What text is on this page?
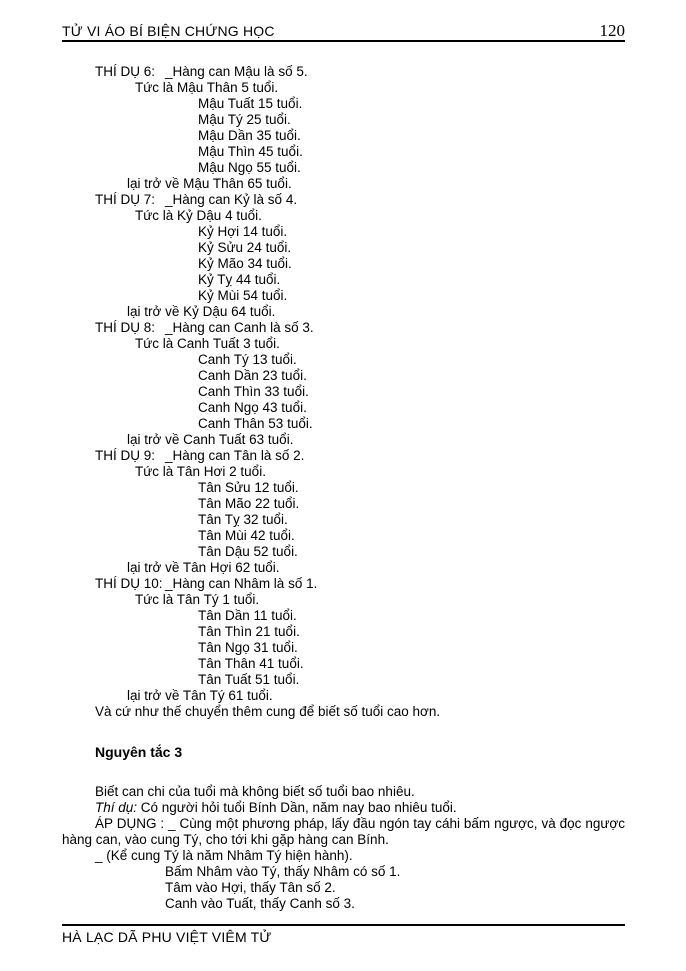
TỬ VI ÁO BÍ BIỆN CHỨNG HỌC	120
THÍ DỤ 6: _Hàng can Mậu là số 5.
Tức là Mậu Thân 5 tuổi.
Mậu Tuất 15 tuổi.
Mậu Tý 25 tuổi.
Mậu Dần 35 tuổi.
Mậu Thìn 45 tuổi.
Mậu Ngọ 55 tuổi.
lại trở về Mậu Thân 65 tuổi.
THÍ DỤ 7: _Hàng can Kỷ là số 4.
Tức là Kỷ Dậu 4 tuổi.
Kỷ Hợi 14 tuổi.
Kỷ Sửu 24 tuổi.
Kỷ Mão 34 tuổi.
Kỷ Tỵ 44 tuổi.
Kỷ Mùi 54 tuổi.
lại trở về Kỷ Dậu 64 tuổi.
THÍ DỤ 8: _Hàng can Canh là số 3.
Tức là Canh Tuất 3 tuổi.
Canh Tý 13 tuổi.
Canh Dần 23 tuổi.
Canh Thìn 33 tuổi.
Canh Ngọ 43 tuổi.
Canh Thân 53 tuổi.
lại trở về Canh Tuất 63 tuổi.
THÍ DỤ 9: _Hàng can Tân là số 2.
Tức là Tân Hơi 2 tuổi.
Tân Sửu 12 tuổi.
Tân Mão 22 tuổi.
Tân Tỵ 32 tuổi.
Tân Mùi 42 tuổi.
Tân Dậu 52 tuổi.
lại trở về Tân Hợi 62 tuổi.
THÍ DỤ 10: _Hàng can Nhâm là số 1.
Tức là Tân Tý 1 tuổi.
Tân Dần 11 tuổi.
Tân Thìn 21 tuổi.
Tân Ngọ 31 tuổi.
Tân Thân 41 tuổi.
Tân Tuất 51 tuổi.
lại trở về Tân Tý 61 tuổi.
Và cứ như thế chuyển thêm cung để biết số tuổi cao hơn.
Nguyên tắc 3
Biết can chi của tuổi mà không biết số tuổi bao nhiêu.
Thí dụ: Có người hỏi tuổi Bính Dần, năm nay bao nhiêu tuổi.
ÁP DỤNG : _ Cùng một phương pháp, lấy đầu ngón tay cáhi bấm ngược, và đọc ngược hàng can, vào cung Tý, cho tới khi gặp hàng can Bính.
_ (Kể cung Tý là năm Nhâm Tý hiện hành).
Bấm Nhâm vào Tý, thấy Nhâm có số 1.
Tâm vào Hợi, thấy Tân số 2.
Canh vào Tuất, thấy Canh số 3.
HÀ LẠC DÃ PHU VIỆT VIÊM TỬ
